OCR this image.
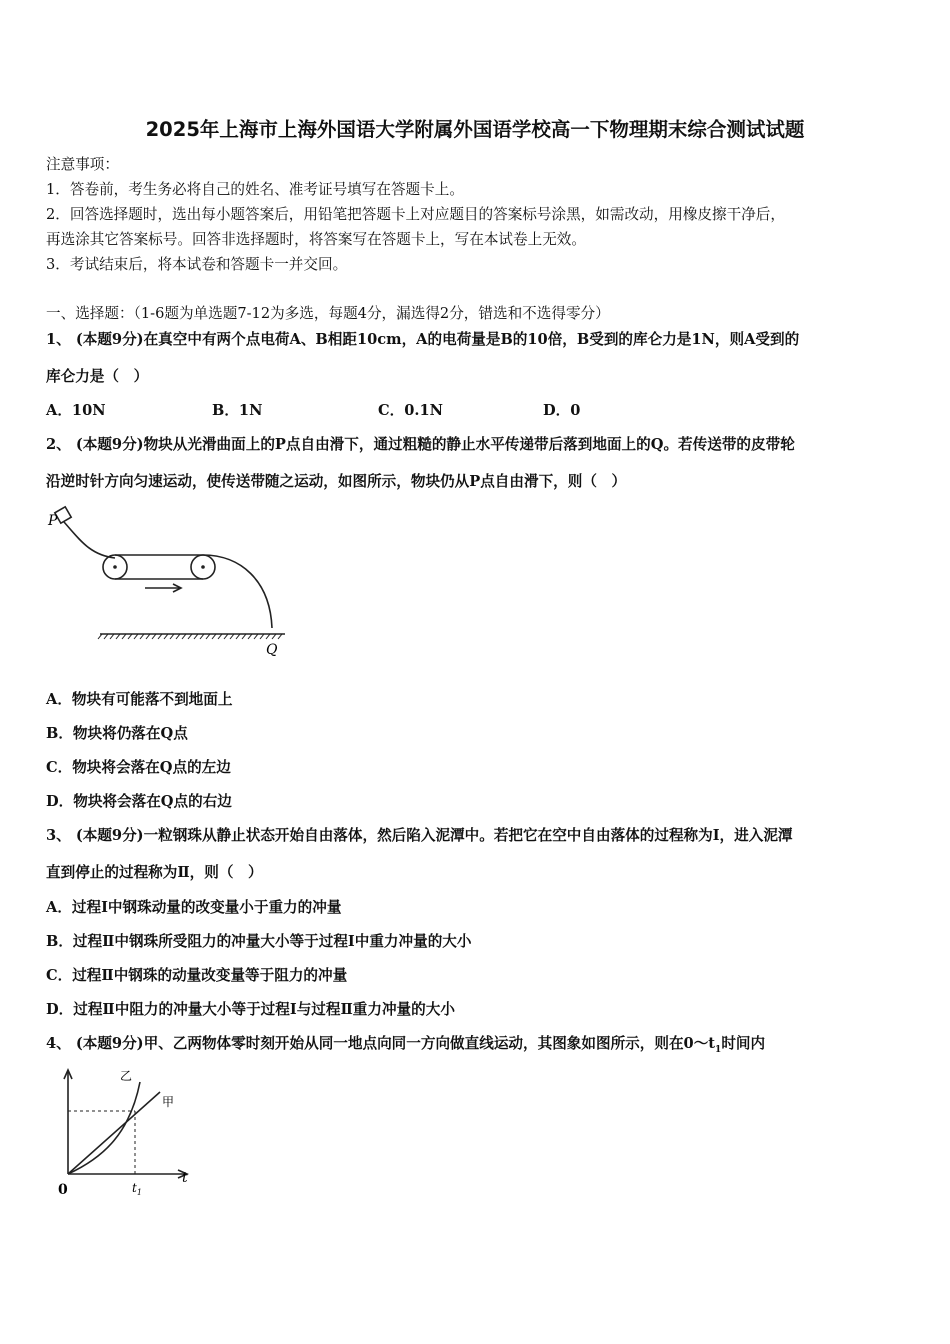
2025年上海市上海外国语大学附属外国语学校高一下物理期末综合测试试题
注意事项：
1．答卷前，考生务必将自己的姓名、准考证号填写在答题卡上。
2．回答选择题时，选出每小题答案后，用铅笔把答题卡上对应题目的答案标号涂黑，如需改动，用橡皮擦干净后，
再选涂其它答案标号。回答非选择题时，将答案写在答题卡上，写在本试卷上无效。
3．考试结束后，将本试卷和答题卡一并交回。
一、选择题：（1-6题为单选题7-12为多选，每题4分，漏选得2分，错选和不选得零分）
1、 (本题9分)在真空中有两个点电荷A、B相距10cm，A的电荷量是B的10倍，B受到的库仑力是1N，则A受到的
库仑力是（　）
A．10N	B．1N	C．0.1N	D．0
2、 (本题9分)物块从光滑曲面上的P点自由滑下，通过粗糙的静止水平传递带后落到地面上的Q。若传送带的皮带轮
沿逆时针方向匀速运动，使传送带随之运动，如图所示，物块仍从P点自由滑下，则（　）
P
Q
A．物块有可能落不到地面上
B．物块将仍落在Q点
C．物块将会落在Q点的左边
D．物块将会落在Q点的右边
3、 (本题9分)一粒钢珠从静止状态开始自由落体，然后陷入泥潭中。若把它在空中自由落体的过程称为Ⅰ，进入泥潭
直到停止的过程称为Ⅱ，则（　）
A．过程Ⅰ中钢珠动量的改变量小于重力的冲量
B．过程Ⅱ中钢珠所受阻力的冲量大小等于过程Ⅰ中重力冲量的大小
C．过程Ⅱ中钢珠的动量改变量等于阻力的冲量
D．过程Ⅱ中阻力的冲量大小等于过程Ⅰ与过程Ⅱ重力冲量的大小
4、 (本题9分)甲、乙两物体零时刻开始从同一地点向同一方向做直线运动，其图象如图所示，则在$0\sim t_1$时间内
0
t
$t_1$
乙
甲
